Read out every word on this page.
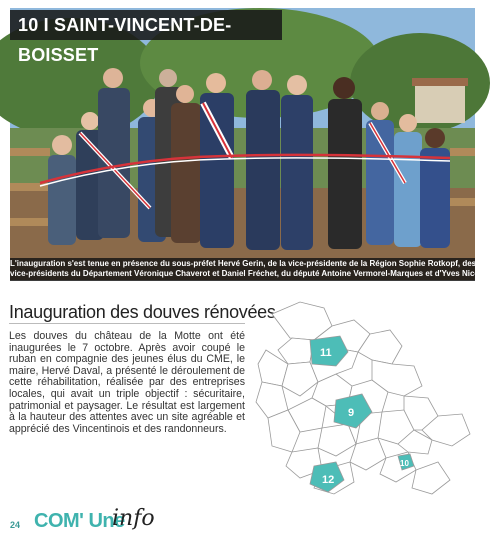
©R
10 I SAINT-VINCENT-DE-BOISSET
L'inauguration s'est tenue en présence du sous-préfet Hervé Gerin, de la vice-présidente de la Région Sophie Rotkopf, des
vice-présidents du Département Véronique Chaverot et Daniel Fréchet, du député Antoine Vermorel-Marques et d'Yves Nicolin.
Inauguration des douves rénovées
Les douves du château de la Motte ont été inaugurées le 7 octobre. Après avoir coupé le ruban en compagnie des jeunes élus du CME, le maire, Hervé Daval, a présenté le déroulement de cette réhabilitation, réalisée par des entreprises locales, qui avait un triple objectif : sécuritaire, patrimonial et paysager. Le résultat est largement à la hauteur des attentes avec un site agréable et apprécié des Vincentinois et des randonneurs.
11
9
10
12
24 COM' Une
info
